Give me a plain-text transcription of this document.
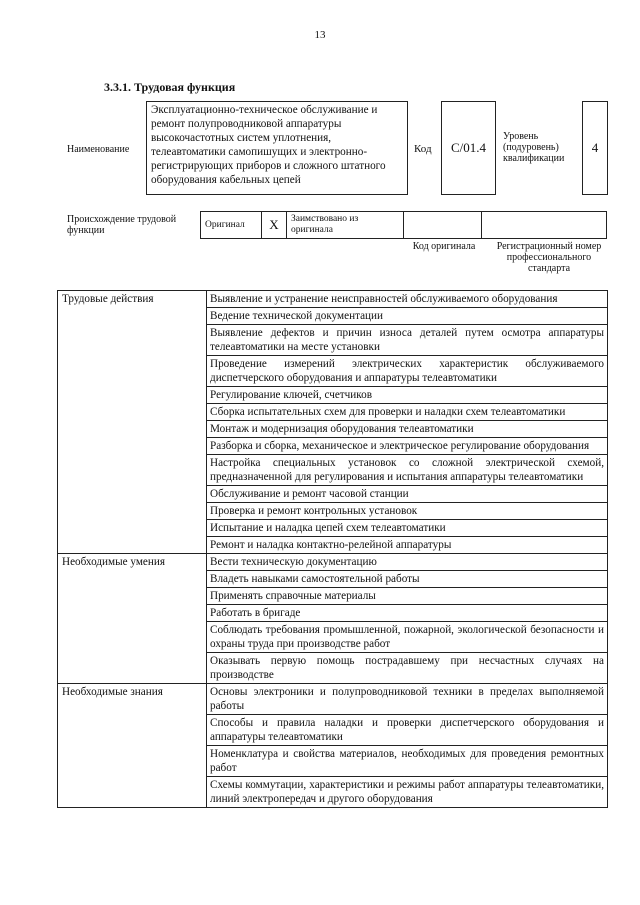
13
3.3.1. Трудовая функция
Наименование
Эксплуатационно-техническое обслуживание и ремонт полупроводниковой аппаратуры высокочастотных систем уплотнения, телеавтоматики самопишущих и электронно-регистрирующих приборов и сложного штатного оборудования кабельных цепей
Код C/01.4
Уровень (подуровень) квалификации
4
Происхождение трудовой функции	Оригинал	X	Заимствовано из оригинала		
Код оригинала	Регистрационный номер профессионального стандарта
Трудовые действия	Выявление и устранение неисправностей обслуживаемого оборудования
	Ведение технической документации
	Выявление дефектов и причин износа деталей путем осмотра аппаратуры телеавтоматики на месте установки
	Проведение измерений электрических характеристик обслуживаемого диспетчерского оборудования и аппаратуры телеавтоматики
	Регулирование ключей, счетчиков
	Сборка испытательных схем для проверки и наладки схем телеавтоматики
	Монтаж и модернизация оборудования телеавтоматики
	Разборка и сборка, механическое и электрическое регулирование оборудования
	Настройка специальных установок со сложной электрической схемой, предназначенной для регулирования и испытания аппаратуры телеавтоматики
	Обслуживание и ремонт часовой станции
	Проверка и ремонт контрольных установок
	Испытание и наладка цепей схем телеавтоматики
	Ремонт и наладка контактно-релейной аппаратуры
Необходимые умения	Вести техническую документацию
	Владеть навыками самостоятельной работы
	Применять справочные материалы
	Работать в бригаде
	Соблюдать требования промышленной, пожарной, экологической безопасности и охраны труда при производстве работ
	Оказывать первую помощь пострадавшему при несчастных случаях на производстве
Необходимые знания	Основы электроники и полупроводниковой техники в пределах выполняемой работы
	Способы и правила наладки и проверки диспетчерского оборудования и аппаратуры телеавтоматики
	Номенклатура и свойства материалов, необходимых для проведения ремонтных работ
	Схемы коммутации, характеристики и режимы работ аппаратуры телеавтоматики, линий электропередач и другого оборудования
